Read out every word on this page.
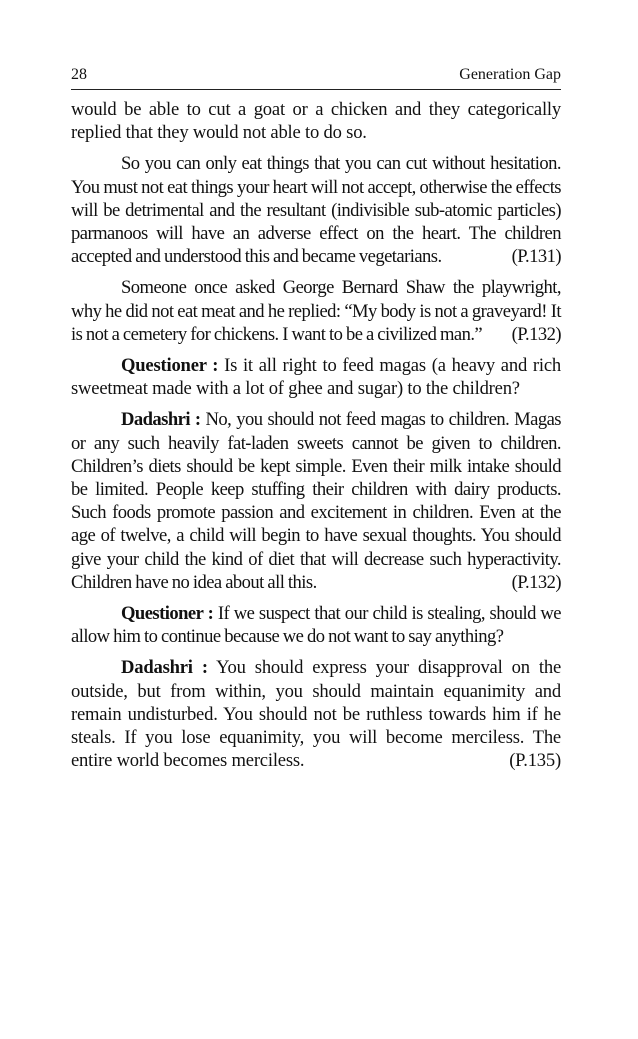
28	Generation Gap

would be able to cut a goat or a chicken and they categorically replied that they would not able to do so.

So you can only eat things that you can cut without hesitation. You must not eat things your heart will not accept, otherwise the effects will be detrimental and the resultant (indivisible sub-atomic particles) parmanoos will have an adverse effect on the heart. The children accepted and understood this and became vegetarians.	(P.131)

Someone once asked George Bernard Shaw the playwright, why he did not eat meat and he replied: “My body is not a graveyard! It is not a cemetery for chickens. I want to be a civilized man.” (P.132)

Questioner : Is it all right to feed magas (a heavy and rich sweetmeat made with a lot of ghee and sugar) to the children?

Dadashri : No, you should not feed magas to children. Magas or any such heavily fat-laden sweets cannot be given to children. Children’s diets should be kept simple. Even their milk intake should be limited. People keep stuffing their children with dairy products. Such foods promote passion and excitement in children. Even at the age of twelve, a child will begin to have sexual thoughts. You should give your child the kind of diet that will decrease such hyperactivity. Children have no idea about all this.	(P.132)

Questioner : If we suspect that our child is stealing, should we allow him to continue because we do not want to say anything?

Dadashri : You should express your disapproval on the outside, but from within, you should maintain equanimity and remain undisturbed. You should not be ruthless towards him if he steals. If you lose equanimity, you will become merciless. The entire world becomes merciless.	(P.135)
